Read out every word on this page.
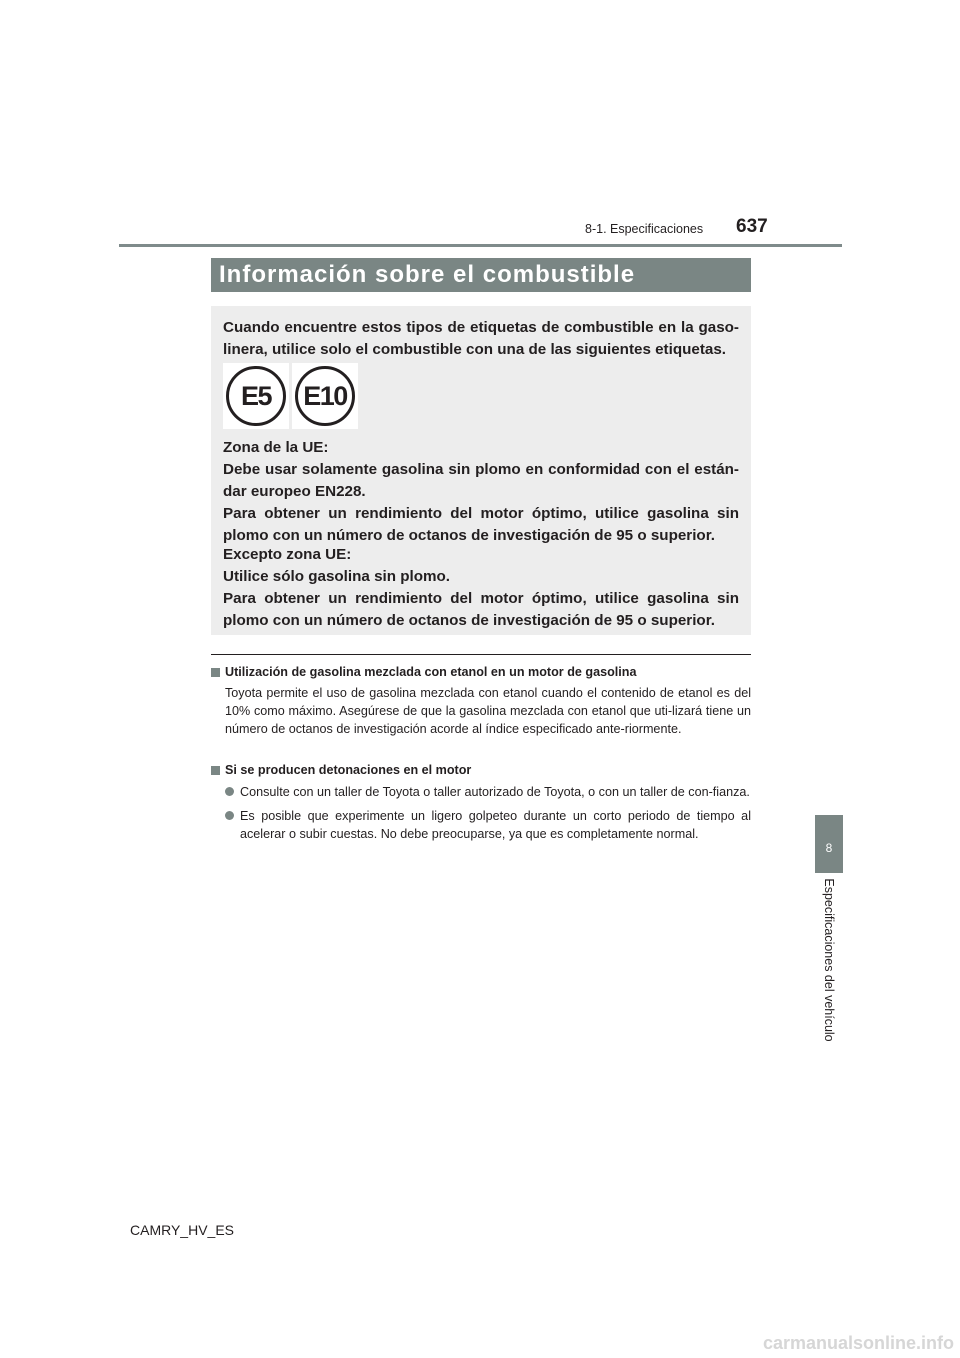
8-1. Especificaciones 637
Información sobre el combustible

Cuando encuentre estos tipos de etiquetas de combustible en la gaso-linera, utilice solo el combustible con una de las siguientes etiquetas.

E5	E10

Zona de la UE:
Debe usar solamente gasolina sin plomo en conformidad con el están-dar europeo EN228.
Para obtener un rendimiento del motor óptimo, utilice gasolina sin plomo con un número de octanos de investigación de 95 o superior.

Excepto zona UE:
Utilice sólo gasolina sin plomo.
Para obtener un rendimiento del motor óptimo, utilice gasolina sin plomo con un número de octanos de investigación de 95 o superior.

Utilización de gasolina mezclada con etanol en un motor de gasolina
Toyota permite el uso de gasolina mezclada con etanol cuando el contenido de etanol es del 10% como máximo. Asegúrese de que la gasolina mezclada con etanol que uti-lizará tiene un número de octanos de investigación acorde al índice especificado ante-riormente.
Si se producen detonaciones en el motor
Consulte con un taller de Toyota o taller autorizado de Toyota, o con un taller de con-fianza.
Es posible que experimente un ligero golpeteo durante un corto periodo de tiempo al acelerar o subir cuestas. No debe preocuparse, ya que es completamente normal.
8
Especificaciones del vehículo
CAMRY_HV_ES
carmanualsonline.info
